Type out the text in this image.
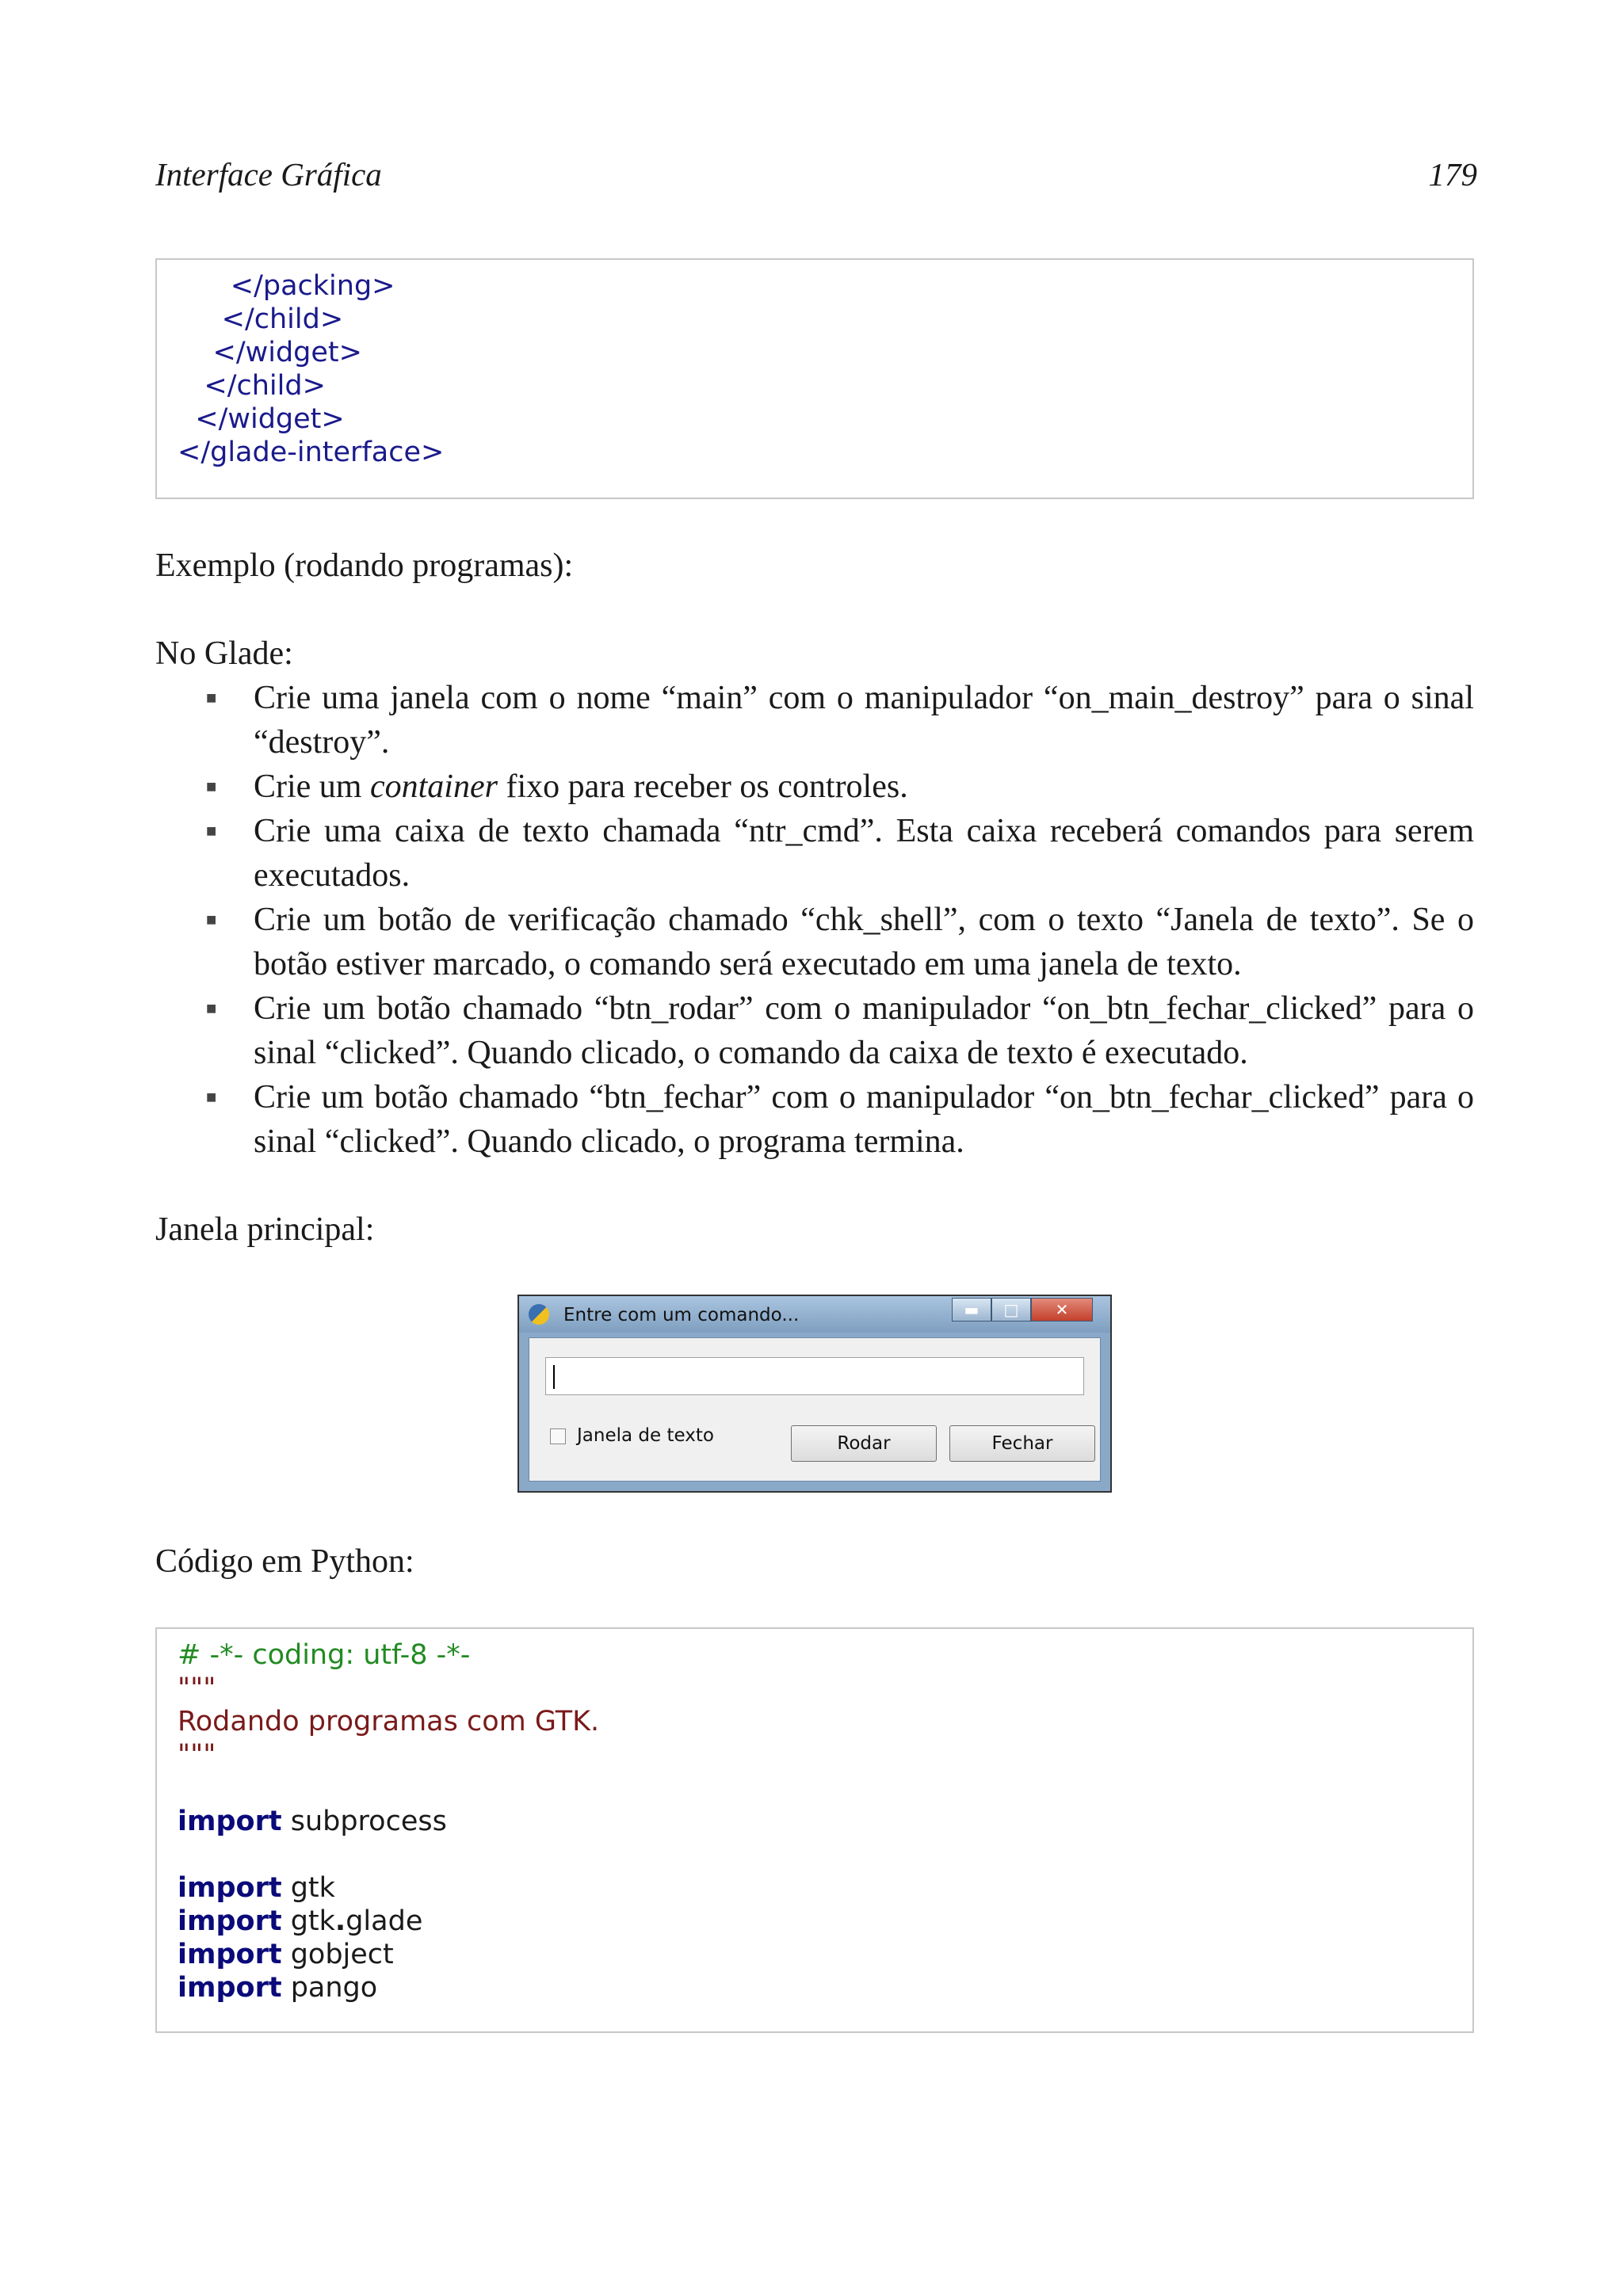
Interface Gráfica	179
</packing>
</child>
</widget>
</child>
</widget>
</glade-interface>
Exemplo (rodando programas):
No Glade:
■ Crie uma janela com o nome “main” com o manipulador “on_main_destroy” para o sinal “destroy”.
■ Crie um container fixo para receber os controles.
■ Crie uma caixa de texto chamada “ntr_cmd”. Esta caixa receberá comandos para serem executados.
■ Crie um botão de verificação chamado “chk_shell”, com o texto “Janela de texto”. Se o botão estiver marcado, o comando será executado em uma janela de texto.
■ Crie um botão chamado “btn_rodar” com o manipulador “on_btn_fechar_clicked” para o sinal “clicked”. Quando clicado, o comando da caixa de texto é executado.
■ Crie um botão chamado “btn_fechar” com o manipulador “on_btn_fechar_clicked” para o sinal “clicked”. Quando clicado, o programa termina.
Janela principal:
Entre com um comando...	▬	□	✕
Janela de texto	Rodar	Fechar
Código em Python:
# -*- coding: utf-8 -*-
"""
Rodando programas com GTK.
"""
import subprocess
import gtk
import gtk.glade
import gobject
import pango
